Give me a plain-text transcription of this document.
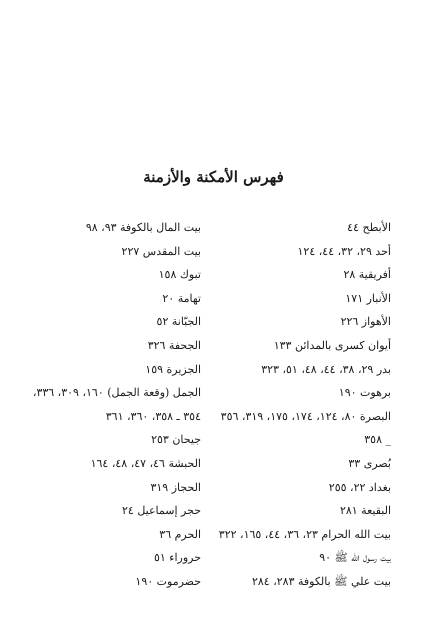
فهرس الأمكنة والأزمنة
الأبطح ٤٤
أحد ٢٩، ٣٢، ٤٤، ١٢٤
أفريقية ٢٨
الأنبار ١٧١
الأهواز ٢٢٦
أيوان كسرى بالمدائن ١٣٣
بدر ٢٩، ٣٨، ٤٤، ٤٨، ٥١، ٣٢٣
برهوت ١٩٠
البصرة ٨٠، ١٢٤، ١٧٤، ١٧٥، ٣١٩، ٣٥٦
_ ٣٥٨
بُصرى ٣٣
بغداد ٢٢، ٢٥٥
البقيعة ٢٨١
بيت الله الحرام ٢٣، ٣٦، ٤٤، ١٦٥، ٣٢٢
بيت رسول الله ﷺ ٩٠
بيت علي ﷺ بالكوفة ٢٨٣، ٢٨٤
بيت المال بالكوفة ٩٣، ٩٨
بيت المقدس ٢٢٧
تبوك ١٥٨
تهامة ٢٠
الجبّانة ٥٢
الجحفة ٣٢٦
الجزيرة ١٥٩
الجمل (وقعة الجمل) ١٦٠، ٣٠٩، ٣٣٦،
٣٥٤ ـ ٣٥٨، ٣٦٠، ٣٦١
جيحان ٢٥٣
الحبشة ٤٦، ٤٧، ٤٨، ١٦٤
الحجاز ٣١٩
حجر إسماعيل ٢٤
الحرم ٣٦
حروراء ٥١
حضرموت ١٩٠
